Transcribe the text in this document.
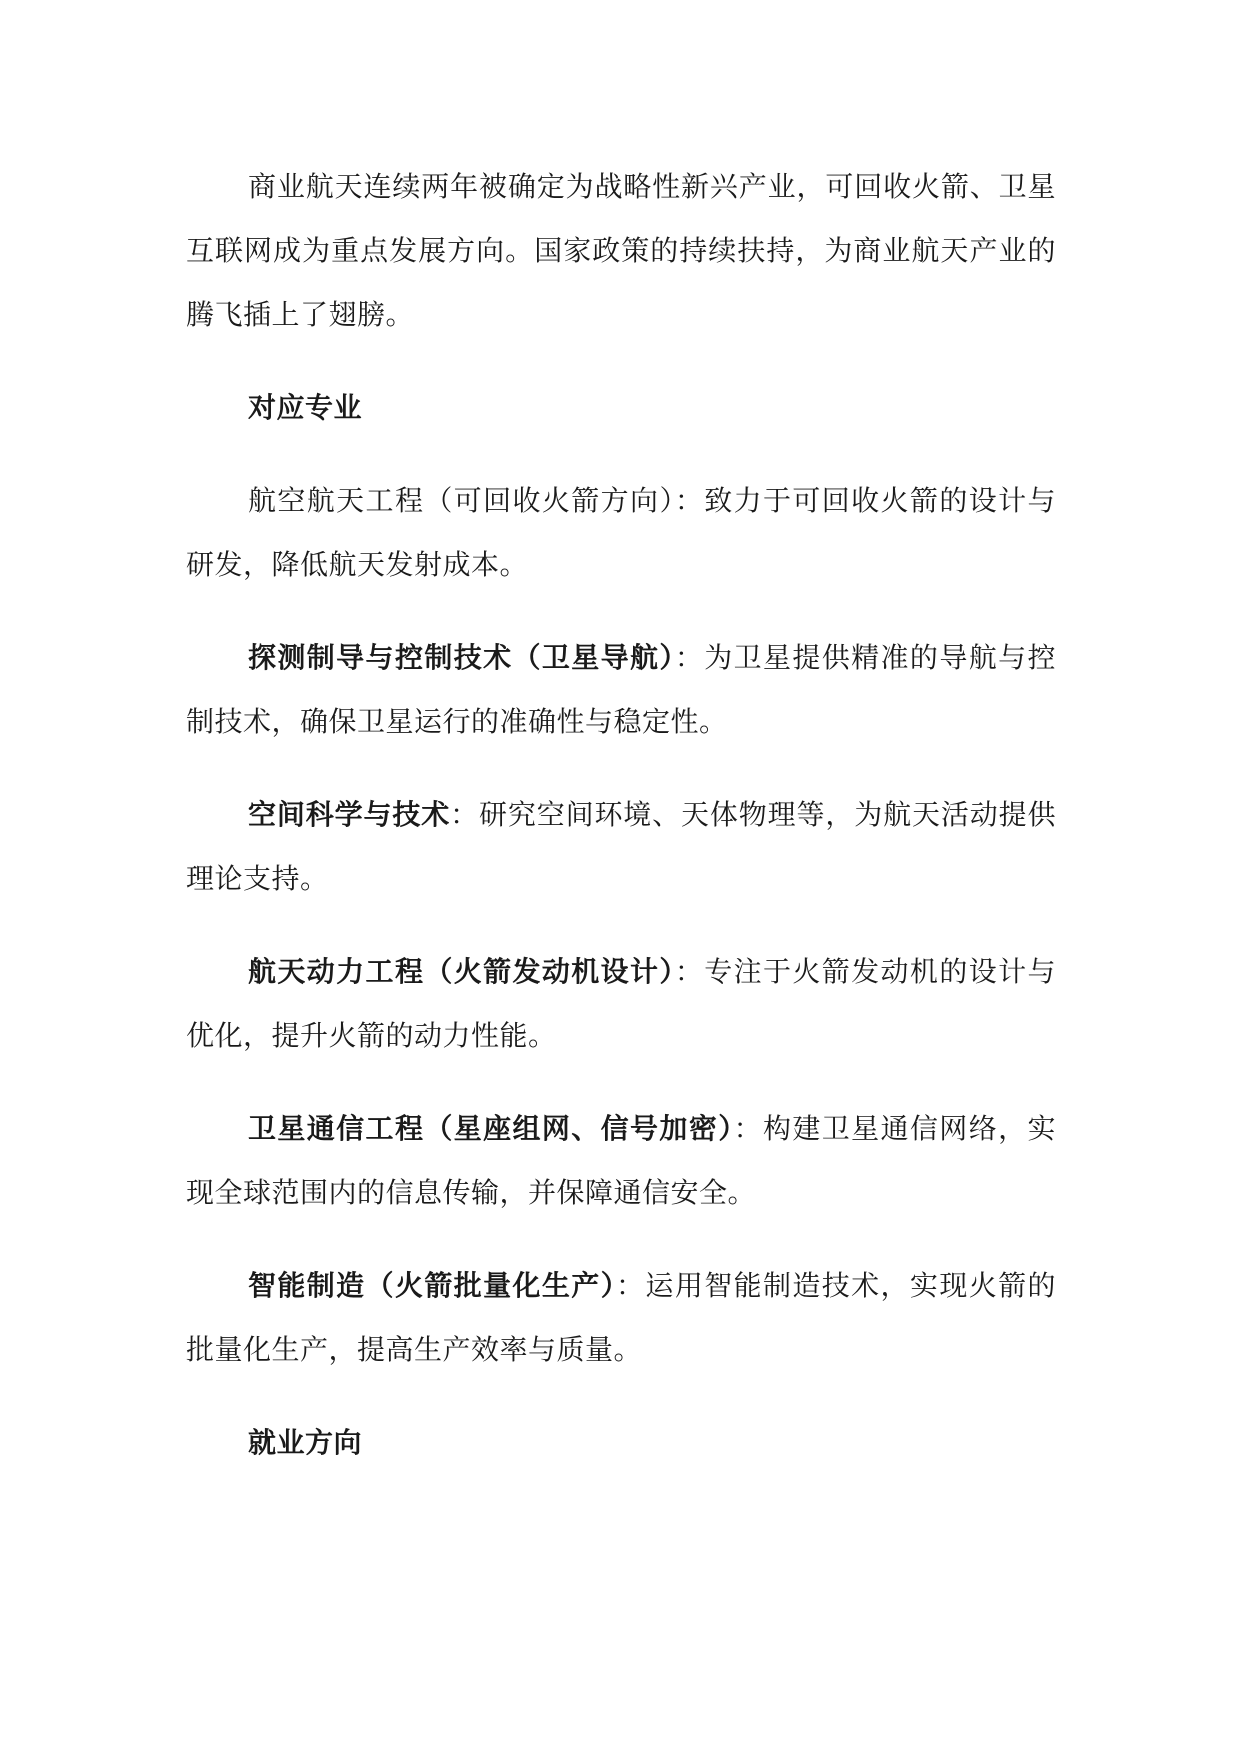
商业航天连续两年被确定为战略性新兴产业，可回收火箭、卫星互联网成为重点发展方向。国家政策的持续扶持，为商业航天产业的腾飞插上了翅膀。

对应专业

航空航天工程（可回收火箭方向）：致力于可回收火箭的设计与研发，降低航天发射成本。

探测制导与控制技术（卫星导航）：为卫星提供精准的导航与控制技术，确保卫星运行的准确性与稳定性。

空间科学与技术：研究空间环境、天体物理等，为航天活动提供理论支持。

航天动力工程（火箭发动机设计）：专注于火箭发动机的设计与优化，提升火箭的动力性能。

卫星通信工程（星座组网、信号加密）：构建卫星通信网络，实现全球范围内的信息传输，并保障通信安全。

智能制造（火箭批量化生产）：运用智能制造技术，实现火箭的批量化生产，提高生产效率与质量。

就业方向
